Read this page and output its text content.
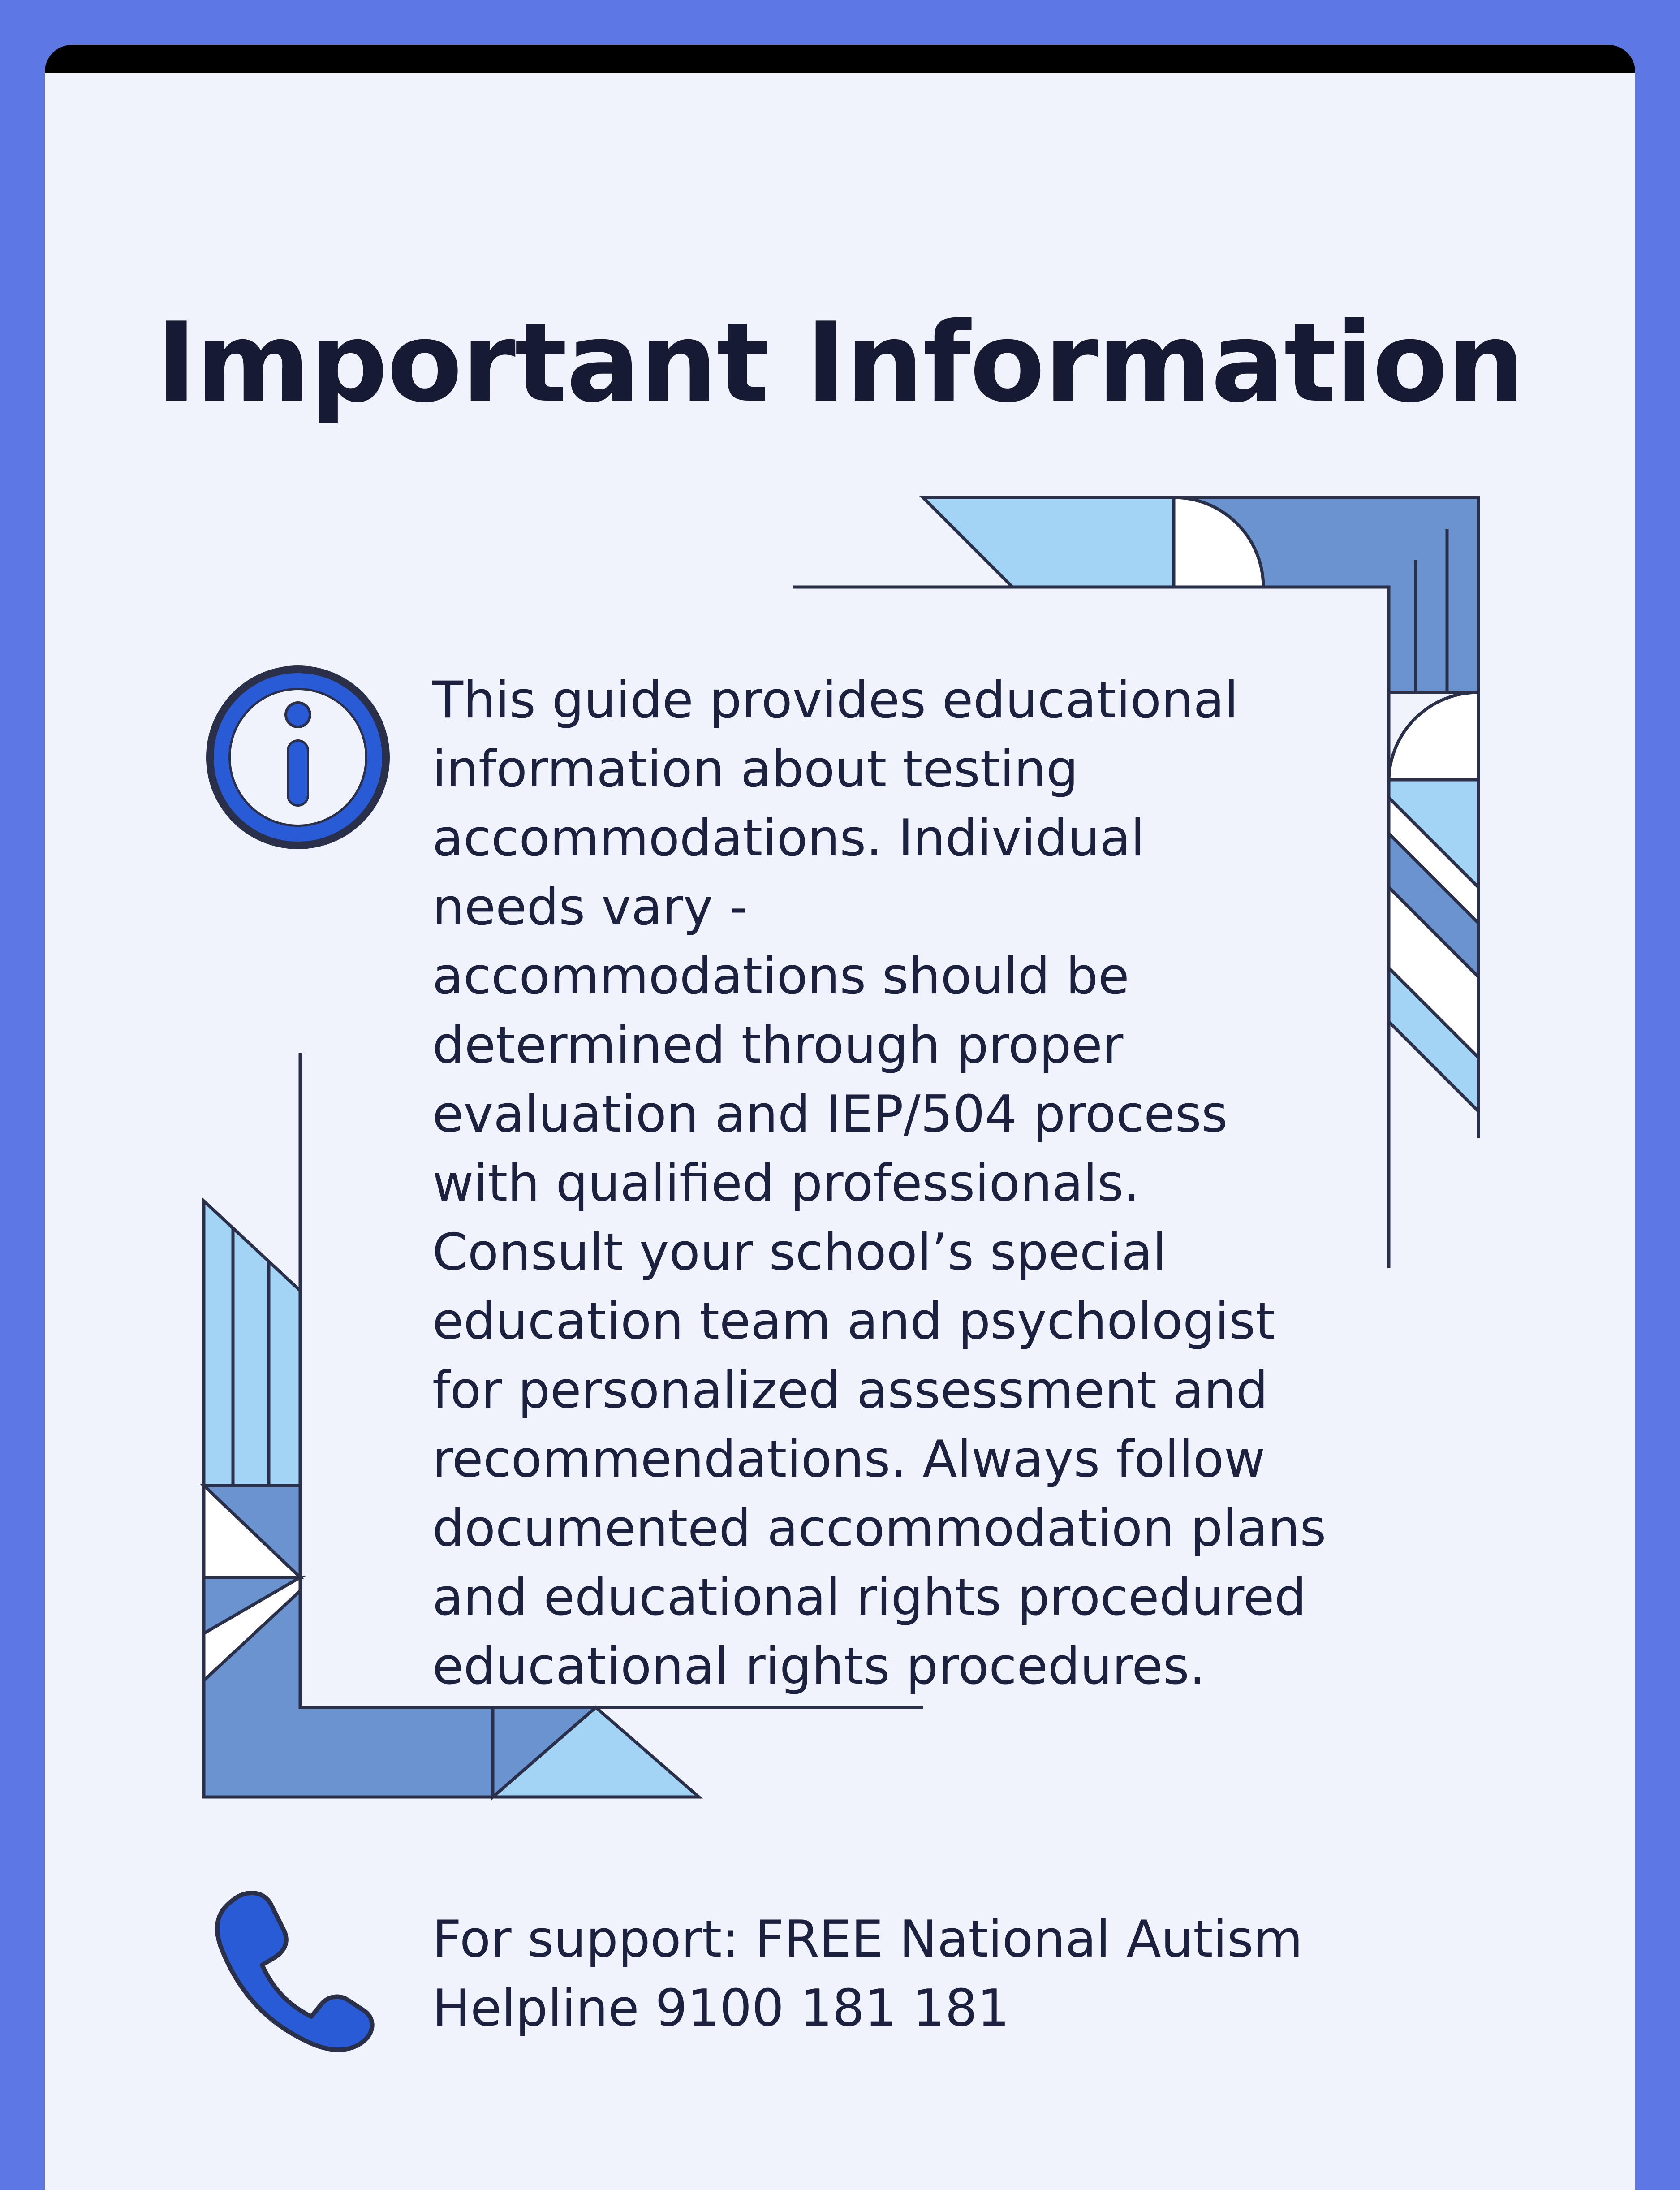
Important Information
This guide provides educational
information about testing
accommodations. Individual
needs vary -
accommodations should be
determined through proper
evaluation and IEP/504 process
with qualified professionals.
Consult your school’s special
education team and psychologist
for personalized assessment and
recommendations. Always follow
documented accommodation plans
and educational rights procedured
educational rights procedures.
For support: FREE National Autism
Helpline 9100 181 181
